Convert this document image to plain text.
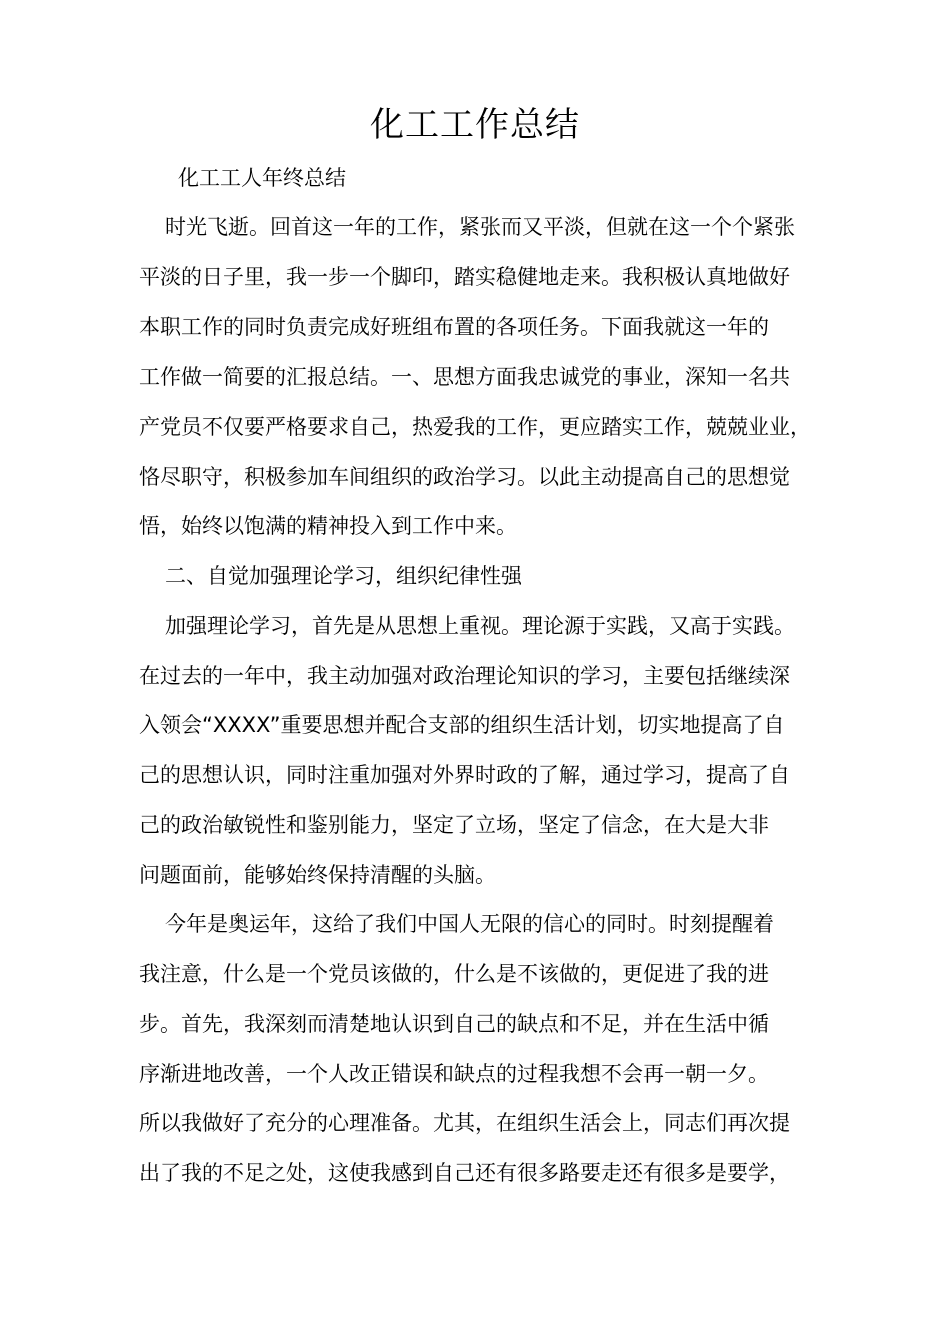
化工工作总结
化工工人年终总结
时光飞逝。回首这一年的工作，紧张而又平淡，但就在这一个个紧张
平淡的日子里，我一步一个脚印，踏实稳健地走来。我积极认真地做好
本职工作的同时负责完成好班组布置的各项任务。下面我就这一年的
工作做一简要的汇报总结。一、思想方面我忠诚党的事业，深知一名共
产党员不仅要严格要求自己，热爱我的工作，更应踏实工作，兢兢业业，
恪尽职守，积极参加车间组织的政治学习。以此主动提高自己的思想觉
悟，始终以饱满的精神投入到工作中来。
二、自觉加强理论学习，组织纪律性强
加强理论学习，首先是从思想上重视。理论源于实践，又高于实践。
在过去的一年中，我主动加强对政治理论知识的学习，主要包括继续深
入领会“XXXX”重要思想并配合支部的组织生活计划，切实地提高了自
己的思想认识，同时注重加强对外界时政的了解，通过学习，提高了自
己的政治敏锐性和鉴别能力，坚定了立场，坚定了信念，在大是大非
问题面前，能够始终保持清醒的头脑。
今年是奥运年，这给了我们中国人无限的信心的同时。时刻提醒着
我注意，什么是一个党员该做的，什么是不该做的，更促进了我的进
步。首先，我深刻而清楚地认识到自己的缺点和不足，并在生活中循
序渐进地改善，一个人改正错误和缺点的过程我想不会再一朝一夕。
所以我做好了充分的心理准备。尤其，在组织生活会上，同志们再次提
出了我的不足之处，这使我感到自己还有很多路要走还有很多是要学，
